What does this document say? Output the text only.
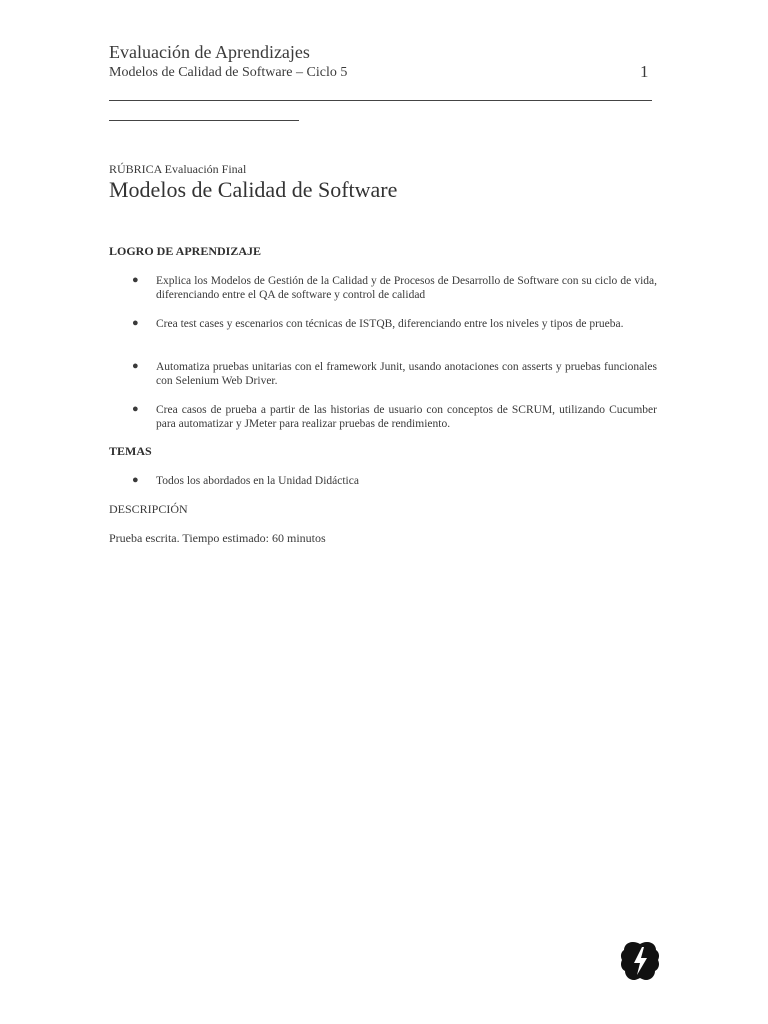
Evaluación de Aprendizajes
Modelos de Calidad de Software – Ciclo 5	1
RÚBRICA Evaluación Final
Modelos de Calidad de Software
LOGRO DE APRENDIZAJE
● Explica los Modelos de Gestión de la Calidad y de Procesos de Desarrollo de Software con su ciclo de vida, diferenciando entre el QA de software y control de calidad
● Crea test cases y escenarios con técnicas de ISTQB, diferenciando entre los niveles y tipos de prueba.
● Automatiza pruebas unitarias con el framework Junit, usando anotaciones con asserts y pruebas funcionales con Selenium Web Driver.
● Crea casos de prueba a partir de las historias de usuario con conceptos de SCRUM, utilizando Cucumber para automatizar y JMeter para realizar pruebas de rendimiento.
TEMAS
● Todos los abordados en la Unidad Didáctica
DESCRIPCIÓN
Prueba escrita. Tiempo estimado: 60 minutos
